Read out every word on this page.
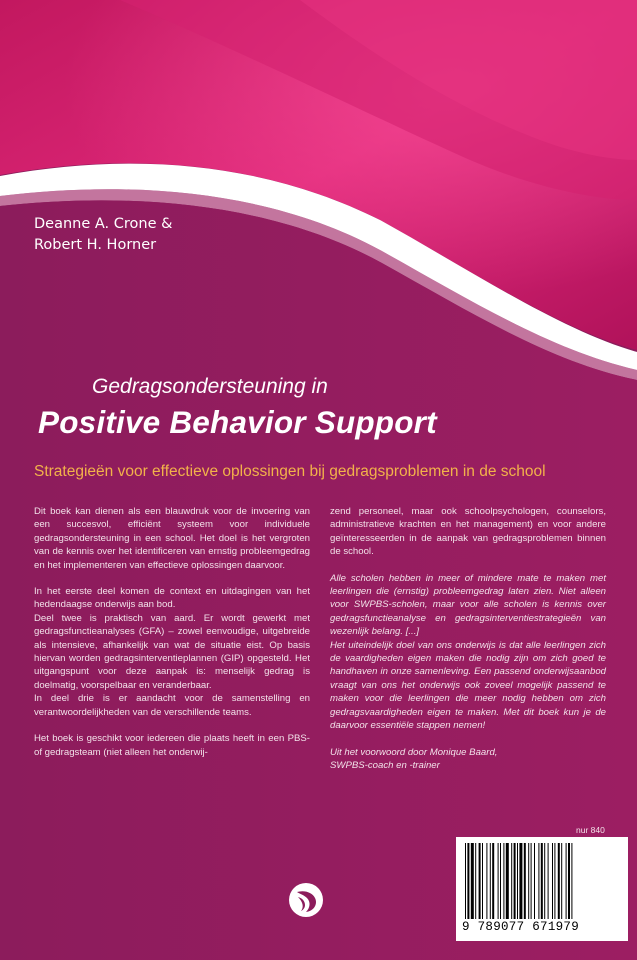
Deanne A. Crone &
Robert H. Horner
Gedragsondersteuning in
Positive Behavior Support
Strategieën voor effectieve oplossingen bij gedragsproblemen in de school

Dit boek kan dienen als een blauwdruk voor de invoering van een succesvol, efficiënt systeem voor individuele gedragsondersteuning in een school. Het doel is het vergroten van de kennis over het identificeren van ernstig probleemgedrag en het implementeren van effectieve oplossingen daarvoor.

In het eerste deel komen de context en uitdagingen van het hedendaagse onderwijs aan bod.

Deel twee is praktisch van aard. Er wordt gewerkt met gedragsfunctieanalyses (GFA) – zowel eenvoudige, uitgebreide als intensieve, afhankelijk van wat de situatie eist. Op basis hiervan worden gedragsinterventieplannen (GIP) opgesteld. Het uitgangspunt voor deze aanpak is: menselijk gedrag is doelmatig, voorspelbaar en veranderbaar.

In deel drie is er aandacht voor de samenstelling en verantwoordelijkheden van de verschillende teams.

Het boek is geschikt voor iedereen die plaats heeft in een PBS- of gedragsteam (niet alleen het onderwij-

zend personeel, maar ook schoolpsychologen, counselors, administratieve krachten en het management) en voor andere geïnteresseerden in de aanpak van gedragsproblemen binnen de school.

Alle scholen hebben in meer of mindere mate te maken met leerlingen die (ernstig) probleemgedrag laten zien. Niet alleen voor SWPBS-scholen, maar voor alle scholen is kennis over gedragsfunctieanalyse en gedragsinterventiestrategieën van wezenlijk belang. [...]

Het uiteindelijk doel van ons onderwijs is dat alle leerlingen zich de vaardigheden eigen maken die nodig zijn om zich goed te handhaven in onze samenleving. Een passend onderwijsaanbod vraagt van ons het onderwijs ook zoveel mogelijk passend te maken voor die leerlingen die meer nodig hebben om zich gedragsvaardigheden eigen te maken. Met dit boek kun je de daarvoor essentiële stappen nemen!

Uit het voorwoord door Monique Baard,
SWPBS-coach en -trainer

nur 840
9 789077 671979
